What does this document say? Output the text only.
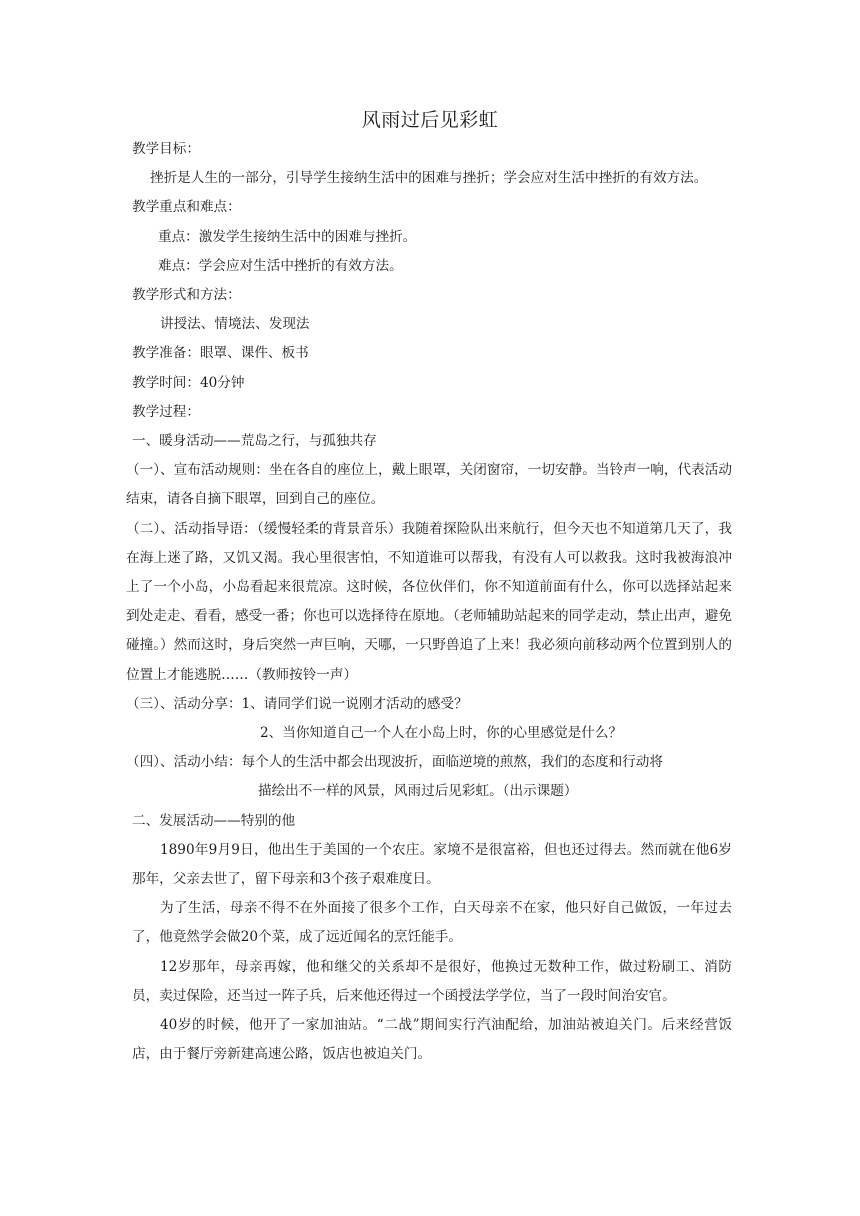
风雨过后见彩虹

教学目标：

挫折是人生的一部分，引导学生接纳生活中的困难与挫折；学会应对生活中挫折的有效方法。

教学重点和难点：

重点：激发学生接纳生活中的困难与挫折。

难点：学会应对生活中挫折的有效方法。

教学形式和方法：

讲授法、情境法、发现法

教学准备：眼罩、课件、板书

教学时间：40分钟

教学过程：

一、暖身活动——荒岛之行，与孤独共存

（一）、宣布活动规则：坐在各自的座位上，戴上眼罩，关闭窗帘，一切安静。当铃声一响，代表活动结束，请各自摘下眼罩，回到自己的座位。

（二）、活动指导语：（缓慢轻柔的背景音乐）我随着探险队出来航行，但今天也不知道第几天了，我在海上迷了路，又饥又渴。我心里很害怕，不知道谁可以帮我，有没有人可以救我。这时我被海浪冲上了一个小岛，小岛看起来很荒凉。这时候，各位伙伴们，你不知道前面有什么，你可以选择站起来到处走走、看看，感受一番；你也可以选择待在原地。（老师辅助站起来的同学走动，禁止出声，避免碰撞。）然而这时，身后突然一声巨响，天哪，一只野兽追了上来！我必须向前移动两个位置到别人的位置上才能逃脱……（教师按铃一声）

（三）、活动分享：1、请同学们说一说刚才活动的感受？

2、当你知道自己一个人在小岛上时，你的心里感觉是什么？

（四）、活动小结：每个人的生活中都会出现波折，面临逆境的煎熬，我们的态度和行动将

描绘出不一样的风景，风雨过后见彩虹。（出示课题）

二、发展活动——特别的他

1890年9月9日，他出生于美国的一个农庄。家境不是很富裕，但也还过得去。然而就在他6岁那年，父亲去世了，留下母亲和3个孩子艰难度日。

为了生活，母亲不得不在外面接了很多个工作，白天母亲不在家，他只好自己做饭，一年过去了，他竟然学会做20个菜，成了远近闻名的烹饪能手。

12岁那年，母亲再嫁，他和继父的关系却不是很好，他换过无数种工作，做过粉刷工、消防员，卖过保险，还当过一阵子兵，后来他还得过一个函授法学学位，当了一段时间治安官。

40岁的时候，他开了一家加油站。“二战”期间实行汽油配给，加油站被迫关门。后来经营饭店，由于餐厅旁新建高速公路，饭店也被迫关门。
